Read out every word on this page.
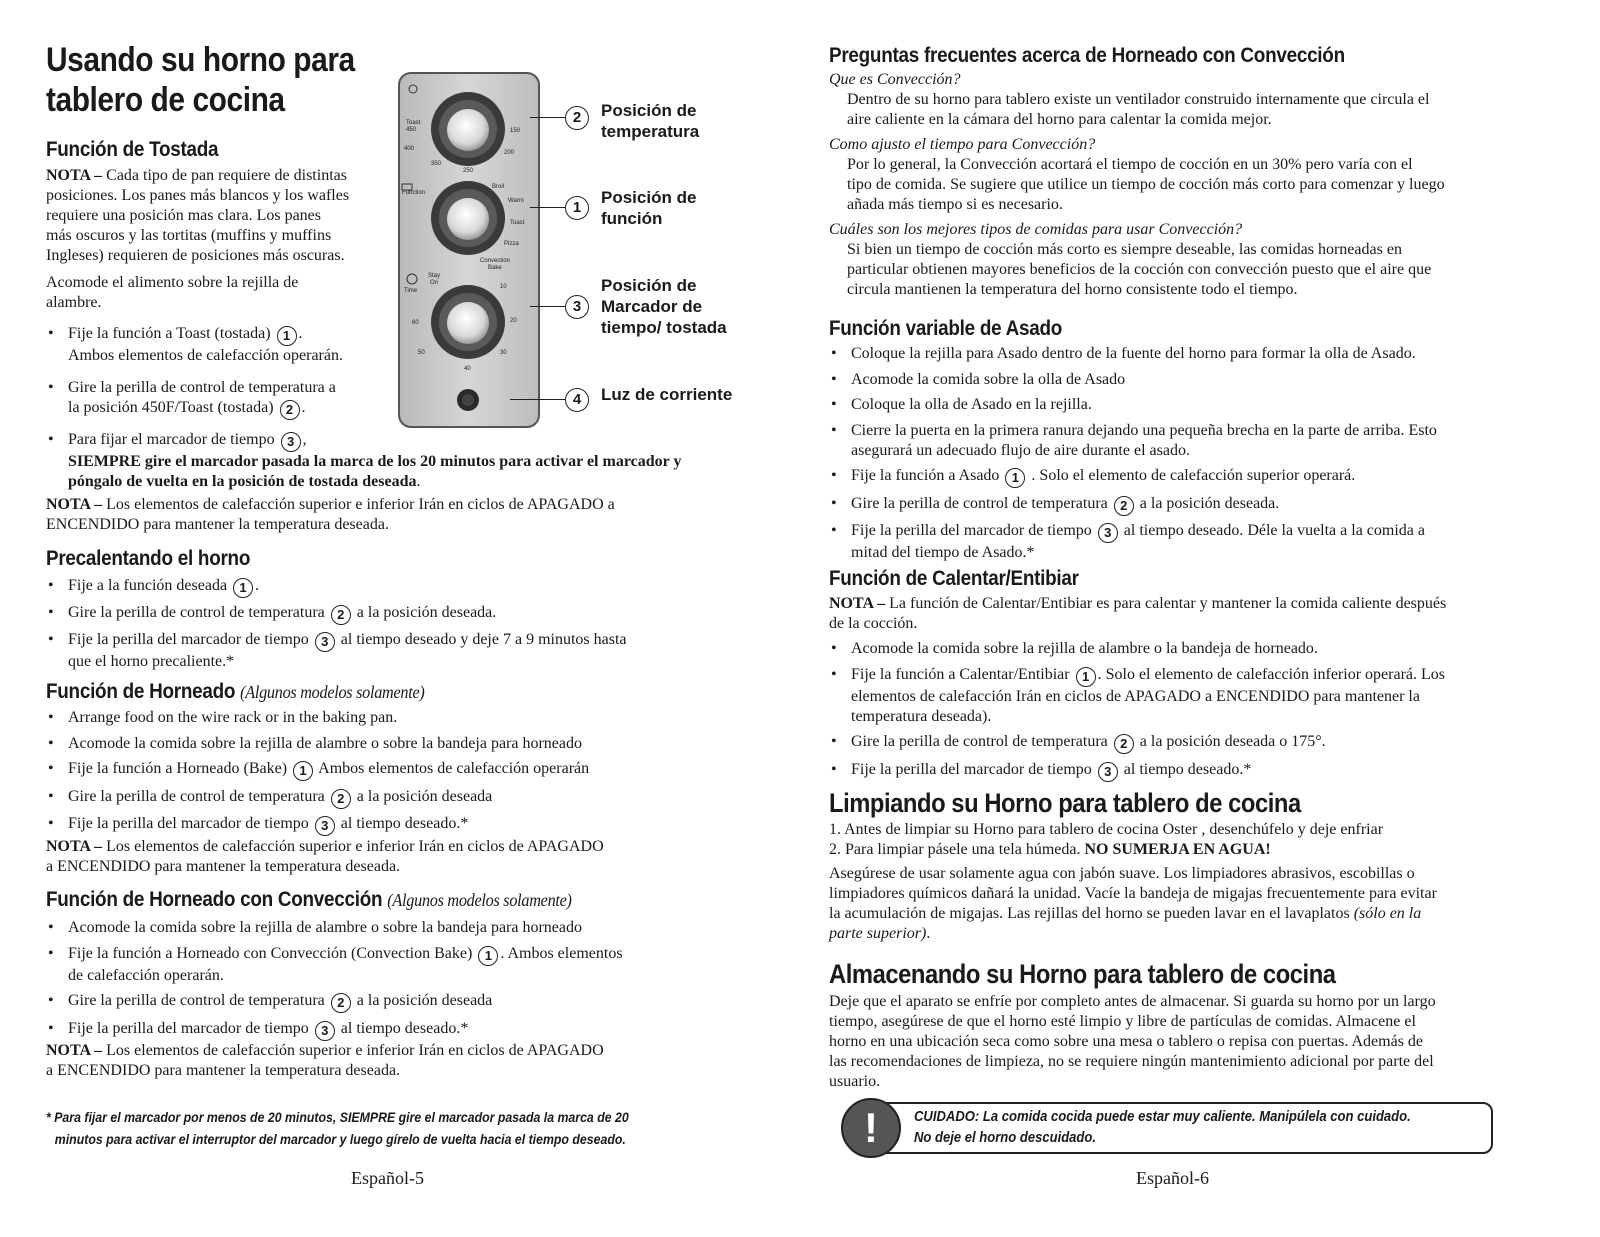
Usando su horno para
tablero de cocina
Función de Tostada

NOTA – Cada tipo de pan requiere de distintas

posiciones. Los panes más blancos y los wafles

requiere una posición mas clara. Los panes

más oscuros y las tortitas (muffins y muffins

Ingleses) requieren de posiciones más oscuras.

Acomode el alimento sobre la rejilla de

alambre.

• Fije la función a Toast (tostada) 1 .
Ambos elementos de calefacción operarán.
• Gire la perilla de control de temperatura a
la posición 450F/Toast (tostada) 2 .
• Para fijar el marcador de tiempo 3 ,
SIEMPRE gire el marcador pasada la marca de los 20 minutos para activar el marcador y
póngalo de vuelta en la posición de tostada deseada.

NOTA – Los elementos de calefacción superior e inferior Irán en ciclos de APAGADO a

ENCENDIDO para mantener la temperatura deseada.

Precalentando el horno
• Fije a la función deseada 1 .
• Gire la perilla de control de temperatura 2 a la posición deseada.
• Fije la perilla del marcador de tiempo 3 al tiempo deseado y deje 7 a 9 minutos hasta
que el horno precaliente.*
Función de Horneado (Algunos modelos solamente)
• Arrange food on the wire rack or in the baking pan.
• Acomode la comida sobre la rejilla de alambre o sobre la bandeja para horneado
• Fije la función a Horneado (Bake) 1 Ambos elementos de calefacción operarán
• Gire la perilla de control de temperatura 2 a la posición deseada
• Fije la perilla del marcador de tiempo 3 al tiempo deseado.*

NOTA – Los elementos de calefacción superior e inferior Irán en ciclos de APAGADO

a ENCENDIDO para mantener la temperatura deseada.

Función de Horneado con Convección (Algunos modelos solamente)
• Acomode la comida sobre la rejilla de alambre o sobre la bandeja para horneado
• Fije la función a Horneado con Convección (Convection Bake) 1 . Ambos elementos
de calefacción operarán.
• Gire la perilla de control de temperatura 2 a la posición deseada
• Fije la perilla del marcador de tiempo 3 al tiempo deseado.*

NOTA – Los elementos de calefacción superior e inferior Irán en ciclos de APAGADO

a ENCENDIDO para mantener la temperatura deseada.

* Para fijar el marcador por menos de 20 minutos, SIEMPRE gire el marcador pasada la marca de 20
minutos para activar el interruptor del marcador y luego gírelo de vuelta hacia el tiempo deseado.
Español-5
Toast
450
400
350
250
200
150
Function
Broil
Warm
Toast
Pizza
Convection
Bake
Time
Stay
On
10
20
30
40
50
60
2	Posición de
temperatura
1
Posición de
función
3
Posición de
Marcador de
tiempo/ tostada
4	Luz de corriente
Preguntas frecuentes acerca de Horneado con Convección
Que es Convección?

Dentro de su horno para tablero existe un ventilador construido internamente que circula el

aire caliente en la cámara del horno para calentar la comida mejor.

Como ajusto el tiempo para Convección?

Por lo general, la Convección acortará el tiempo de cocción en un 30% pero varía con el

tipo de comida. Se sugiere que utilice un tiempo de cocción más corto para comenzar y luego

añada más tiempo si es necesario.

Cuáles son los mejores tipos de comidas para usar Convección?

Si bien un tiempo de cocción más corto es siempre deseable, las comidas horneadas en

particular obtienen mayores beneficios de la cocción con convección puesto que el aire que

circula mantienen la temperatura del horno consistente todo el tiempo.

Función variable de Asado
• Coloque la rejilla para Asado dentro de la fuente del horno para formar la olla de Asado.
• Acomode la comida sobre la olla de Asado
• Coloque la olla de Asado en la rejilla.
• Cierre la puerta en la primera ranura dejando una pequeña brecha en la parte de arriba. Esto
asegurará un adecuado flujo de aire durante el asado.
• Fije la función a Asado 1 . Solo el elemento de calefacción superior operará.
• Gire la perilla de control de temperatura 2 a la posición deseada.
• Fije la perilla del marcador de tiempo 3 al tiempo deseado. Déle la vuelta a la comida a
mitad del tiempo de Asado.*
Función de Calentar/Entibiar

NOTA – La función de Calentar/Entibiar es para calentar y mantener la comida caliente después

de la cocción.

• Acomode la comida sobre la rejilla de alambre o la bandeja de horneado.
• Fije la función a Calentar/Entibiar 1 . Solo el elemento de calefacción inferior operará. Los
elementos de calefacción Irán en ciclos de APAGADO a ENCENDIDO para mantener la
temperatura deseada).
• Gire la perilla de control de temperatura 2 a la posición deseada o 175°.
• Fije la perilla del marcador de tiempo 3 al tiempo deseado.*
Limpiando su Horno para tablero de cocina

1. Antes de limpiar su Horno para tablero de cocina Oster , desenchúfelo y deje enfriar

2. Para limpiar pásele una tela húmeda. NO SUMERJA EN AGUA!

Asegúrese de usar solamente agua con jabón suave. Los limpiadores abrasivos, escobillas o

limpiadores químicos dañará la unidad. Vacíe la bandeja de migajas frecuentemente para evitar

la acumulación de migajas. Las rejillas del horno se pueden lavar en el lavaplatos (sólo en la

parte superior).

Almacenando su Horno para tablero de cocina

Deje que el aparato se enfríe por completo antes de almacenar. Si guarda su horno por un largo

tiempo, asegúrese de que el horno esté limpio y libre de partículas de comidas. Almacene el

horno en una ubicación seca como sobre una mesa o tablero o repisa con puertas. Además de

las recomendaciones de limpieza, no se requiere ningún mantenimiento adicional por parte del

usuario.

CUIDADO: La comida cocida puede estar muy caliente. Manipúlela con cuidado.
No deje el horno descuidado.
!
Español-6
